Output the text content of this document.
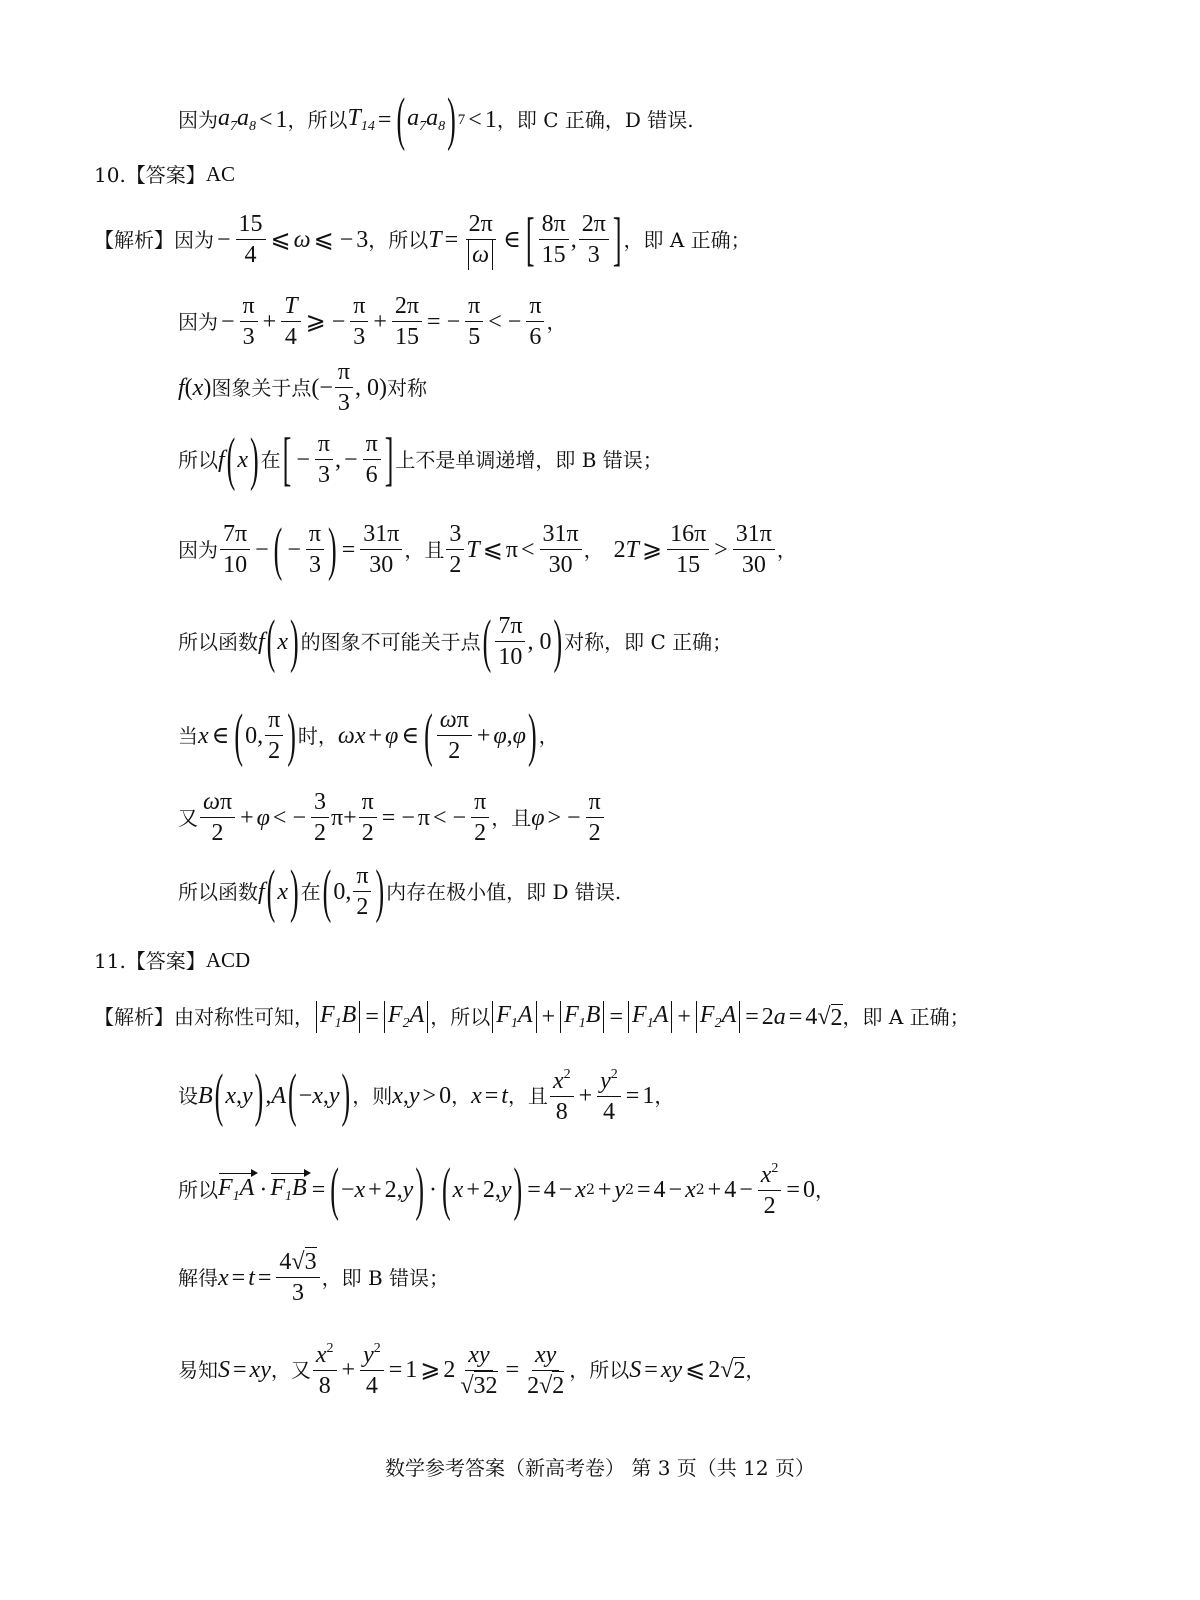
因为 $a_7a_8 < 1$ ，所以 $T_{14}$ = ( $a_7a_8$ ) 7 < 1 ，即 C 正确，D 错误.
10.【答案】 AC
【解析】 因为 − $\frac{15}{4}$ ⩽ ω ⩽ − 3 ，所以 $T = \frac{2\pi}{\omega}$ ∈ [ $\frac{8\pi}{15}$ , $\frac{2\pi}{3}$ ] ，即 A 正确；
因为 − $\frac{\pi}{3} + \frac{T}{4}$ ⩾ − $\frac{\pi}{3} + \frac{2\pi}{15}$ = − $\frac{\pi}{5}$ < − $\frac{\pi}{6}$ ，
f ( x ) 图象关于点 (− $\frac{\pi}{3}$ , 0) 对称
所以 f ( x ) 在 [ − $\frac{\pi}{3}$ , − $\frac{\pi}{6}$ ] 上不是单调递增，即 B 错误；
因为 $\frac{7\pi}{10}$ − ( − $\frac{\pi}{3}$ ) = $\frac{31\pi}{30}$ ，且 $\frac{3}{2}$ T ⩽ $\pi < \frac{31\pi}{30}$ ， 2 T ⩾ $\frac{16\pi}{15} > \frac{31\pi}{30}$ ，
所以函数 f ( x ) 的图象不可能关于点 ( $\frac{7\pi}{10}$ , 0 ) 对称，即 C 正确；
当 x ∈ ( 0, $\frac{\pi}{2}$ ) 时， ωx + φ ∈ ( $\frac{\omega\pi}{2} + \varphi$ , φ ) ，
又 $\frac{\omega\pi}{2} + \varphi$ < − $\frac{3}{2} \pi+ \frac{\pi}{2}$ = − π < − $\frac{\pi}{2}$ ，且 φ > − $\frac{\pi}{2}$
所以函数 f ( x ) 在 ( 0, $\frac{\pi}{2}$ ) 内存在极小值，即 D 错误.
11.【答案】 ACD
【解析】 由对称性可知， $F_1B = F_2A$ ，所以 $F_1A + F_1B = F_1A + F_2A = 2$ a = 4 √ 2 ，即 A 正确；
设 B ( x , y ) , A ( − x , y ) ，则 x , y > 0 ， x = t ，且 $\frac{x^2}{8} + \frac{y^2}{4} = 1$ ，
所以 $F_1A \cdot F_1B$ = ( − x + 2, y ) · ( x + 2, y ) = 4 − x 2 + y 2 = 4 − x $2 + 4 - \frac{x^2}{2} = 0$ ，
解得 $x = t = \frac{4√3}{3}$ ，即 B 错误；
易知 S = xy ，又 $\frac{x^2}{8} + \frac{y^2}{4} = 1$ ⩾ $2 \frac{xy}{√32} = \frac{xy}{2√2}$ ，所以 S = xy ⩽ 2√ 2 ，
数学参考答案（新高考卷） 第 3 页（共 12 页）
